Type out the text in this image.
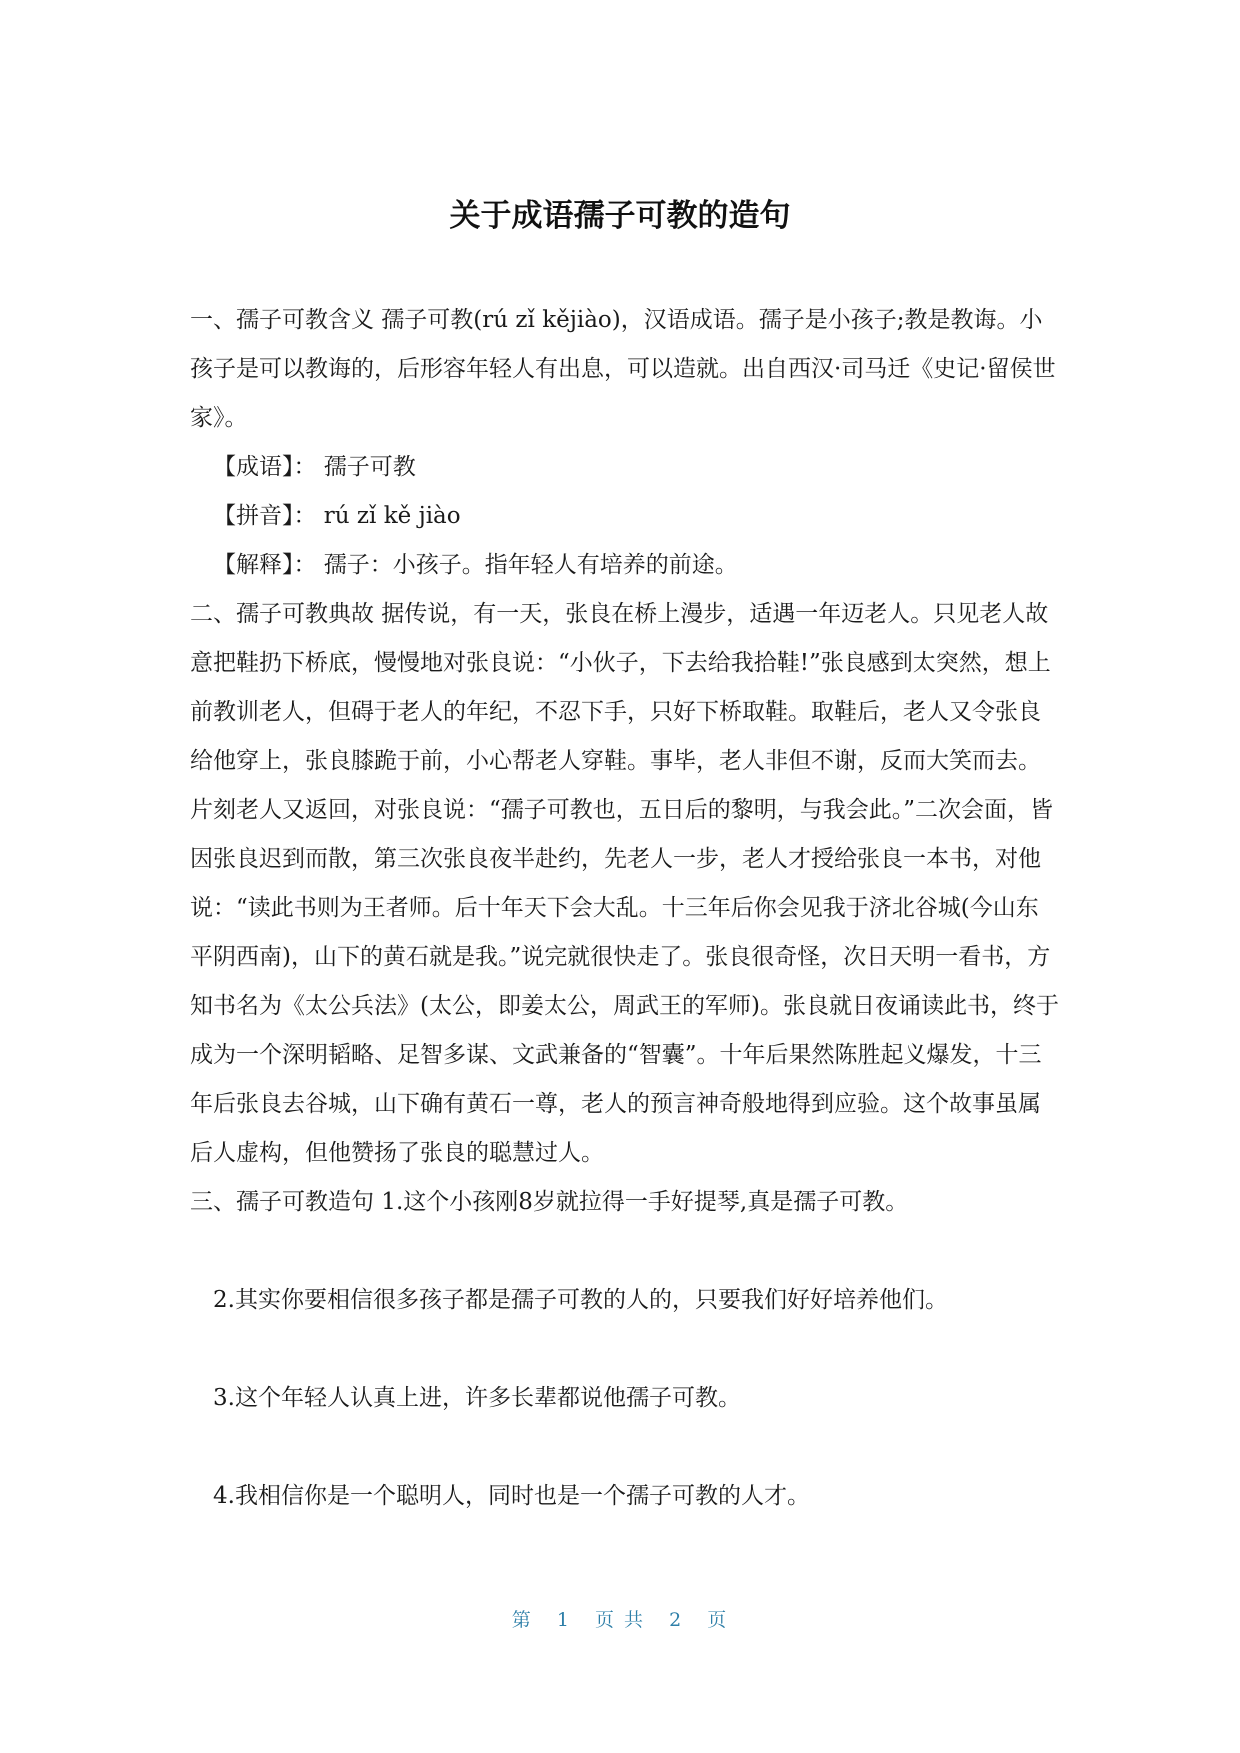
关于成语孺子可教的造句

一、孺子可教含义 孺子可教(rú zǐ kějiào)，汉语成语。孺子是小孩子;教是教诲。小孩子是可以教诲的，后形容年轻人有出息，可以造就。出自西汉·司马迁《史记·留侯世家》。

【成语】： 孺子可教

【拼音】： rú zǐ kě jiào

【解释】： 孺子：小孩子。指年轻人有培养的前途。

二、孺子可教典故 据传说，有一天，张良在桥上漫步，适遇一年迈老人。只见老人故意把鞋扔下桥底，慢慢地对张良说：“小伙子，下去给我拾鞋!”张良感到太突然，想上前教训老人，但碍于老人的年纪，不忍下手，只好下桥取鞋。取鞋后，老人又令张良给他穿上，张良膝跪于前，小心帮老人穿鞋。事毕，老人非但不谢，反而大笑而去。片刻老人又返回，对张良说：“孺子可教也，五日后的黎明，与我会此。”二次会面，皆因张良迟到而散，第三次张良夜半赴约，先老人一步，老人才授给张良一本书，对他说：“读此书则为王者师。后十年天下会大乱。十三年后你会见我于济北谷城(今山东平阴西南)，山下的黄石就是我。”说完就很快走了。张良很奇怪，次日天明一看书，方知书名为《太公兵法》(太公，即姜太公，周武王的军师)。张良就日夜诵读此书，终于成为一个深明韬略、足智多谋、文武兼备的“智囊”。十年后果然陈胜起义爆发，十三年后张良去谷城，山下确有黄石一尊，老人的预言神奇般地得到应验。这个故事虽属后人虚构，但他赞扬了张良的聪慧过人。

三、孺子可教造句 1.这个小孩刚8岁就拉得一手好提琴,真是孺子可教。

2.其实你要相信很多孩子都是孺子可教的人的，只要我们好好培养他们。

3.这个年轻人认真上进，许多长辈都说他孺子可教。

4.我相信你是一个聪明人，同时也是一个孺子可教的人才。

第 1 页 共 2 页
